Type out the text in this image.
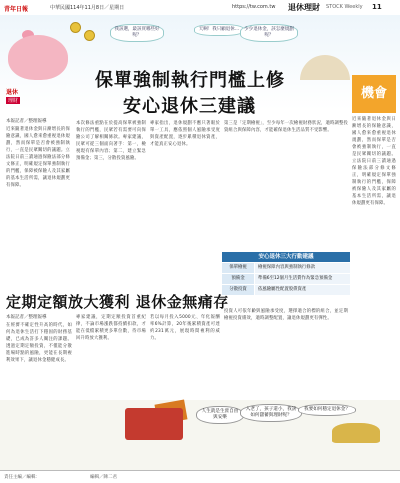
青年日報	中華民國114年11月8日／星期日	https://tw.com.tw 退休理財 STOCK Weekly 11
我該選，最該買哪些好呢？
天啊！我只顧退休…	少少退休金，該怎麼規劃呢？
機會
退休
理財
保單強制執行門檻上修
安心退休三建議
本報記者／整理報導
近來隨著退休金與日漸增長的保險意識，國人愈來愈重視退休規劃，然而保單是否會被強制執行，一直是民眾關切的議題。立法院日前三讀通過保險法部分條文修正，明確規定保單強制執行的門檻，保障被保險人及其家屬的基本生活所需，讓退休規劃更有保障。
本次修法重點在於提高保單被強制執行的門檻，民眾若有需要可向保險公司了解相關條款。專家建議，民眾可從三個面向著手：第一，檢視現有保單內容；第二，建立緊急預備金；第三，分散投資風險。
專家指出，退休規劃不應只著眼於單一工具，應依照個人風險承受度與資產配置，逐步累積退休資產，才能真正安心退休。
第三是「定期檢視」，至少每年一次檢視財務狀況，適時調整投資組合與保障內容，才能確保退休生活品質不受影響。
近來隨著退休金與日漸增長的保險意識，國人愈來愈重視退休規劃，然而保單是否會被強制執行，一直是民眾關切的議題。立法院日前三讀通過保險法部分條文修正，明確規定保單強制執行的門檻，保障被保險人及其家屬的基本生活所需，讓退休規劃更有保障。
安心退休三大行動建議
保單檢視	檢視保障內容與強制執行條款
預備金	準備6至12個月生活費作為緊急預備金
分散投資	依風險屬性配置股債資產
定期定額放大獲利 退休金無痛存
本報記者／整理報導
在經濟不確定性升高的時代，如何為退休生活打下穩固的財務基礎，已成為許多人關注的課題。透過定期定額投資，不僅能分散進場時點的風險，更能在長期複利效果下，讓退休金穩健成長。
專家建議，定期定額投資首重紀律，不論市場漲跌都持續扣款，才能在低檔累積更多單位數，待市場回升時放大獲利。
若以每月投入5000元、年化報酬率6%計算，20年後累積資產可達約231萬元，展現時間複利的威力。
投資人可依年齡與風險承受度，選擇適合的標的組合，並定期檢視投資績效，適時調整配置，讓退休規劃更有彈性。
人生就是生涯自由與安樂
入老了，孩子還小，我該如何儲蓄與理財呢？
我要如何穩定退休金？
責任主編／編輯：	編輯／陳二君
